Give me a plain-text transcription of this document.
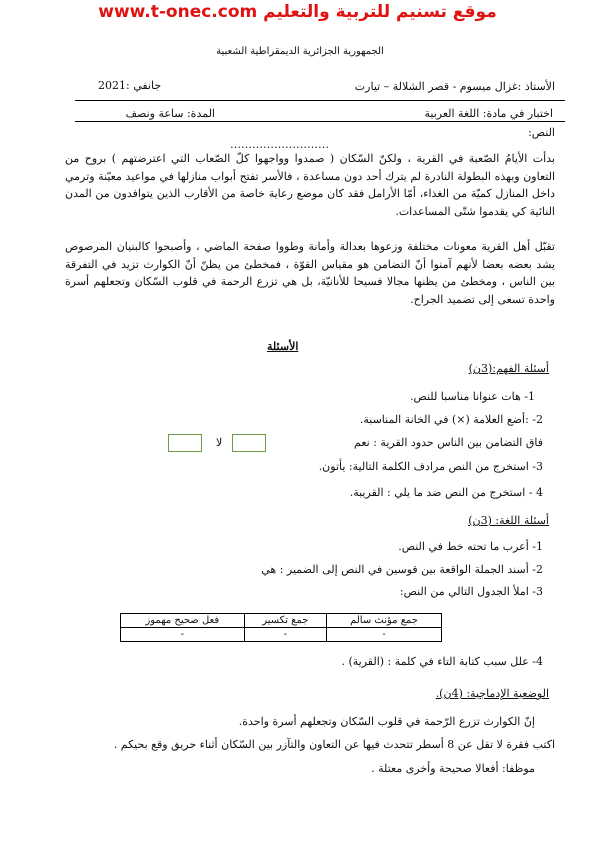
www.t-onec.com موقع تسنيم للتربية والتعليم
الجمهورية الجزائرية الديمقراطية الشعبية
الأستاذ :غزال ميسوم - قصر الشلالة – تيارت
جانفي :2021
اختبار في مادة: اللغة العربية
المدة: ساعة ونصف
النص:
………………………
بدأت الأيامُ الصّعبة في القرية ، ولكنّ السّكان ( صمدوا وواجهوا كلّ الصّعاب التي اعترضتهم ) بروح من التعاون وبهذه البطولة النادرة لم يترك أحد دون مساعدة ، فالأسر تفتح أبواب منازلها في مواعيد معيّنة وترمي داخل المنازل كميّة من الغذاء، أمّا الأرامل فقد كان موضع رعاية خاصة من الأقارب الذين يتوافدون من المدن النائية كي يقدموا شتّى المساعدات.
تقبّل أهل القرية معونات مختلفة وزعوها بعدالة وأمانة وطووا صفحة الماضي ، وأصبحوا كالبنيان المرصوص يشد بعضه بعضا لأنهم آمنوا أنّ التضامن هو مقياس القوّة ، فمخطئ من يظنّ أنّ الكوارث تزيد في التفرقة بين الناس ، ومخطئ من يظنها مجالا فسيحا للأنانيّة، بل هي تزرع الرحمة في قلوب السّكان وتجعلهم أسرة واحدة تسعى إلى تضميد الجراح.
الأسئلة
أسئلة الفهم:(3ن)
1- هات عنوانا مناسبا للنص.
2- :أضع العلامة (×) في الخانة المناسبة.
فاق التضامن بين الناس حدود القرية : نعم
لا
3- استخرج من النص مرادف الكلمة التالية: يأتون.
4 - استخرج من النص ضد ما يلي : القريبة.
أسئلة اللغة: (3ن)
1- أعرب ما تحته خط في النص.
2- أسند الجملة الواقعة بين قوسين في النص إلى الضمير : هي
3- املأ الجدول التالي من النص:
جمع مؤنث سالم	جمع تكسير	فعل صحيح مهموز
-	-	-
4- علل سبب كتابة التاء في كلمة : (القرية) .
الوضعية الإدماجية: (4ن).
إنّ الكوارث تزرع الرّحمة في قلوب السّكان وتجعلهم أسرة واحدة.
اكتب فقرة لا تقل عن 8 أسطر تتحدث فيها عن التعاون والتآزر بين السّكان أثناء حريق وقع بحيكم .
موظفا: أفعالا صحيحة وأخرى معتلة .
